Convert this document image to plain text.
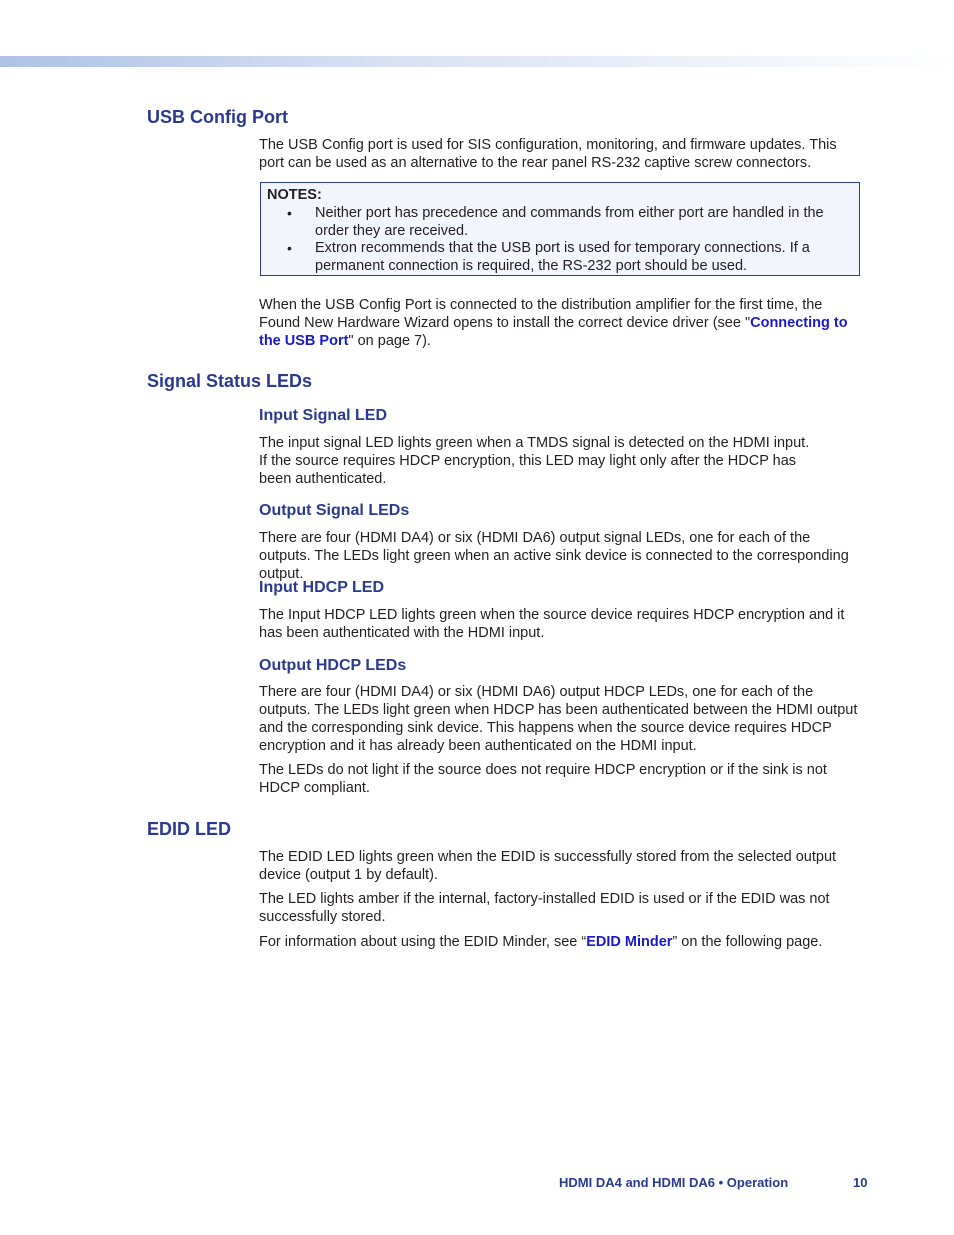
USB Config Port

The USB Config port is used for SIS configuration, monitoring, and firmware updates. This port can be used as an alternative to the rear panel RS-232 captive screw connectors.

NOTES:

• Neither port has precedence and commands from either port are handled in the order they are received.

• Extron recommends that the USB port is used for temporary connections. If a permanent connection is required, the RS-232 port should be used.

When the USB Config Port is connected to the distribution amplifier for the first time, the Found New Hardware Wizard opens to install the correct device driver (see "Connecting to the USB Port" on page 7).

Signal Status LEDs
Input Signal LED

The input signal LED lights green when a TMDS signal is detected on the HDMI input. If the source requires HDCP encryption, this LED may light only after the HDCP has been authenticated.

Output Signal LEDs

There are four (HDMI DA4) or six (HDMI DA6) output signal LEDs, one for each of the outputs. The LEDs light green when an active sink device is connected to the corresponding output.

Input HDCP LED

The Input HDCP LED lights green when the source device requires HDCP encryption and it has been authenticated with the HDMI input.

Output HDCP LEDs

There are four (HDMI DA4) or six (HDMI DA6) output HDCP LEDs, one for each of the outputs. The LEDs light green when HDCP has been authenticated between the HDMI output and the corresponding sink device. This happens when the source device requires HDCP encryption and it has already been authenticated on the HDMI input.

The LEDs do not light if the source does not require HDCP encryption or if the sink is not HDCP compliant.

EDID LED

The EDID LED lights green when the EDID is successfully stored from the selected output device (output 1 by default).

The LED lights amber if the internal, factory-installed EDID is used or if the EDID was not successfully stored.

For information about using the EDID Minder, see “EDID Minder” on the following page.

HDMI DA4 and HDMI DA6 • Operation	10
